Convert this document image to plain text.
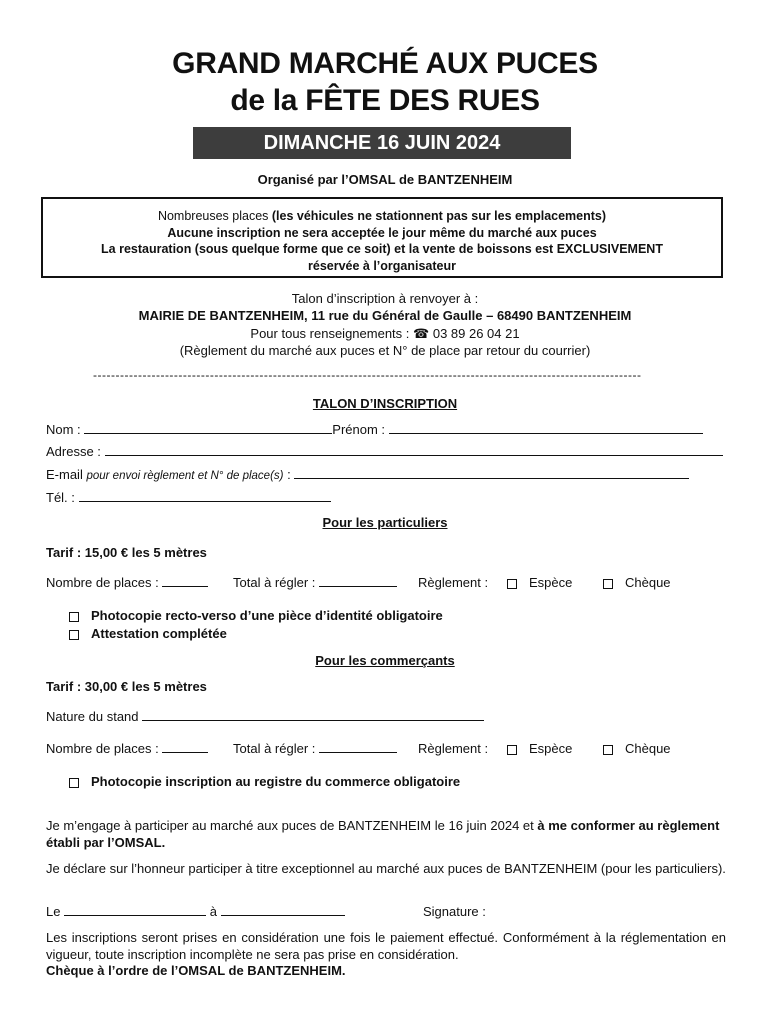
GRAND MARCHÉ AUX PUCES
de la FÊTE DES RUES
DIMANCHE 16 JUIN 2024
Organisé par l’OMSAL de BANTZENHEIM
Nombreuses places (les véhicules ne stationnent pas sur les emplacements)
Aucune inscription ne sera acceptée le jour même du marché aux puces
La restauration (sous quelque forme que ce soit) et la vente de boissons est EXCLUSIVEMENT
réservée à l’organisateur
Talon d’inscription à renvoyer à :
MAIRIE DE BANTZENHEIM, 11 rue du Général de Gaulle – 68490 BANTZENHEIM
Pour tous renseignements : ☎ 03 89 26 04 21
(Règlement du marché aux puces et N° de place par retour du courrier)
--------------------------------------------------------------------------------------------------------------------------
TALON D’INSCRIPTION
Nom :	Prénom :
Adresse :
E-mail pour envoi règlement et N° de place(s) :
Tél. :
Pour les particuliers
Tarif : 15,00 € les 5 mètres
Nombre de places :	Total à régler :	Règlement :	Espèce	Chèque
Photocopie recto-verso d’une pièce d’identité obligatoire
Attestation complétée
Pour les commerçants
Tarif : 30,00 € les 5 mètres
Nature du stand
Nombre de places :	Total à régler :	Règlement :	Espèce	Chèque
Photocopie inscription au registre du commerce obligatoire
Je m’engage à participer au marché aux puces de BANTZENHEIM le 16 juin 2024 et à me conformer au règlement établi par l’OMSAL.
Je déclare sur l’honneur participer à titre exceptionnel au marché aux puces de BANTZENHEIM (pour les particuliers).
Le	à	Signature :
Les inscriptions seront prises en considération une fois le paiement effectué. Conformément à la réglementation en vigueur, toute inscription incomplète ne sera pas prise en considération.
Chèque à l’ordre de l’OMSAL de BANTZENHEIM.
